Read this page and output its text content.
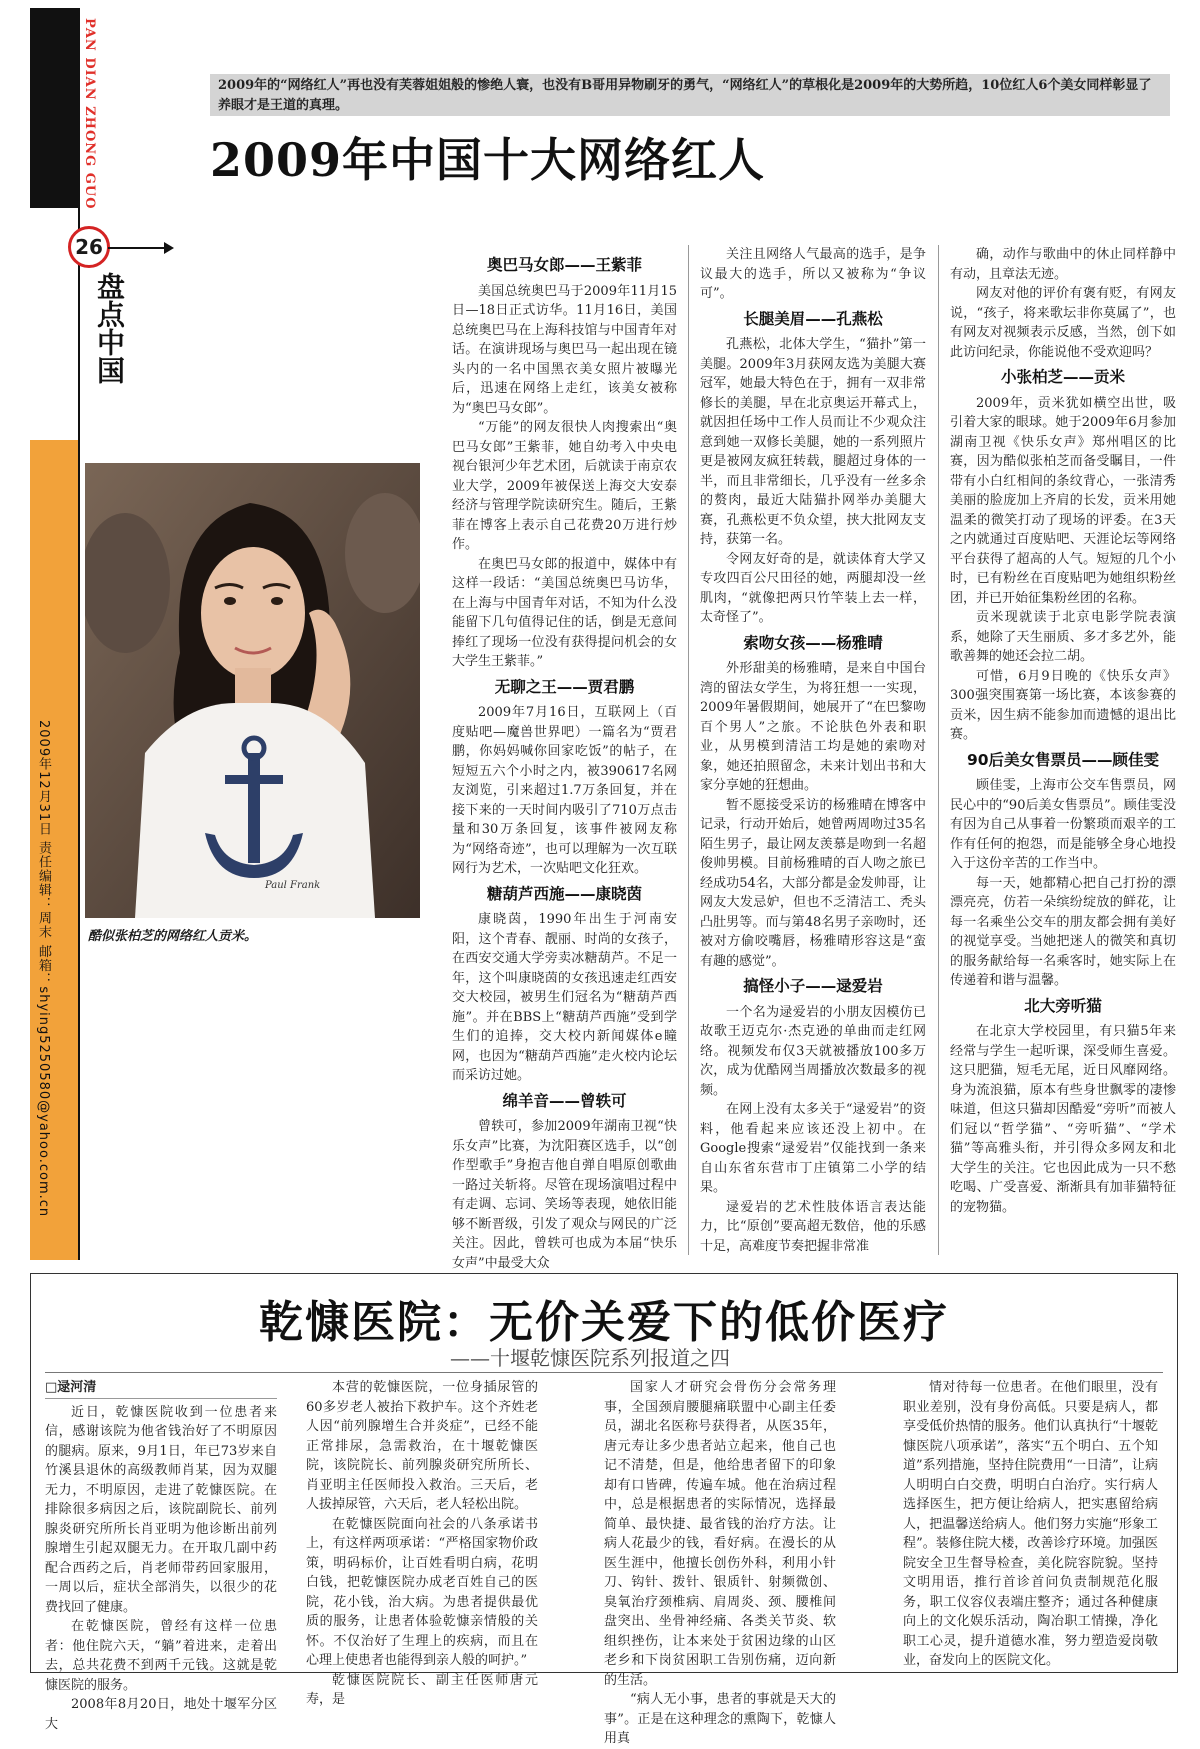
PAN DIAN ZHONG GUO
26
盘点中国
2009年12月31日 责任编辑：周末 邮箱：shying5250580@yahoo.com.cn
2009年的“网络红人”再也没有芙蓉姐姐般的惨绝人寰，也没有B哥用异物刷牙的勇气，“网络红人”的草根化是2009年的大势所趋，10位红人6个美女同样彰显了养眼才是王道的真理。
2009年中国十大网络红人
Paul Frank
酷似张柏芝的网络红人贡米。
奥巴马女郎——王紫菲

美国总统奥巴马于2009年11月15日—18日正式访华。11月16日，美国总统奥巴马在上海科技馆与中国青年对话。在演讲现场与奥巴马一起出现在镜头内的一名中国黑衣美女照片被曝光后，迅速在网络上走红，该美女被称为“奥巴马女郎”。

“万能”的网友很快人肉搜索出“奥巴马女郎”王紫菲，她自幼考入中央电视台银河少年艺术团，后就读于南京农业大学，2009年被保送上海交大安泰经济与管理学院读研究生。随后，王紫菲在博客上表示自己花费20万进行炒作。

在奥巴马女郎的报道中，媒体中有这样一段话：“美国总统奥巴马访华，在上海与中国青年对话，不知为什么没能留下几句值得记住的话，倒是无意间捧红了现场一位没有获得提问机会的女大学生王紫菲。”

无聊之王——贾君鹏

2009年7月16日，互联网上（百度贴吧—魔兽世界吧）一篇名为“贾君鹏，你妈妈喊你回家吃饭”的帖子，在短短五六个小时之内，被390617名网友浏览，引来超过1.7万条回复，并在接下来的一天时间内吸引了710万点击量和30万条回复，该事件被网友称为“网络奇迹”，也可以理解为一次互联网行为艺术，一次贴吧文化狂欢。

糖葫芦西施——康晓茵

康晓茵，1990年出生于河南安阳，这个青春、靓丽、时尚的女孩子，在西安交通大学旁卖冰糖葫芦。不足一年，这个叫康晓茵的女孩迅速走红西安交大校园，被男生们冠名为“糖葫芦西施”。并在BBS上“糖葫芦西施”受到学生们的追捧，交大校内新闻媒体e瞳网，也因为“糖葫芦西施”走火校内论坛而采访过她。

绵羊音——曾轶可

曾轶可，参加2009年湖南卫视“快乐女声”比赛，为沈阳赛区选手，以“创作型歌手”身抱吉他自弹自唱原创歌曲一路过关斩将。尽管在现场演唱过程中有走调、忘词、笑场等表现，她依旧能够不断晋级，引发了观众与网民的广泛关注。因此，曾轶可也成为本届“快乐女声”中最受大众

关注且网络人气最高的选手，是争议最大的选手，所以又被称为“争议可”。

长腿美眉——孔燕松

孔燕松，北体大学生，“猫扑”第一美腿。2009年3月获网友选为美腿大赛冠军，她最大特色在于，拥有一双非常修长的美腿，早在北京奥运开幕式上，就因担任场中工作人员而让不少观众注意到她一双修长美腿，她的一系列照片更是被网友疯狂转载，腿超过身体的一半，而且非常细长，几乎没有一丝多余的赘肉，最近大陆猫扑网举办美腿大赛，孔燕松更不负众望，挟大批网友支持，获第一名。

令网友好奇的是，就读体育大学又专攻四百公尺田径的她，两腿却没一丝肌肉，“就像把两只竹竿装上去一样，太奇怪了”。

索吻女孩——杨雅晴

外形甜美的杨雅晴，是来自中国台湾的留法女学生，为将狂想一一实现，2009年暑假期间，她展开了“在巴黎吻百个男人”之旅。不论肤色外表和职业，从男模到清洁工均是她的索吻对象，她还拍照留念，未来计划出书和大家分享她的狂想曲。

暂不愿接受采访的杨雅晴在博客中记录，行动开始后，她曾两周吻过35名陌生男子，最让网友羡慕是吻到一名超俊帅男模。目前杨雅晴的百人吻之旅已经成功54名，大部分都是金发帅哥，让网友大发忌妒，但也不乏清洁工、秃头凸肚男等。而与第48名男子亲吻时，还被对方偷咬嘴唇，杨雅晴形容这是“蛮有趣的感觉”。

搞怪小子——逯爱岩

一个名为逯爱岩的小朋友因模仿已故歌王迈克尔·杰克逊的单曲而走红网络。视频发布仅3天就被播放100多万次，成为优酷网当周播放次数最多的视频。

在网上没有太多关于“逯爱岩”的资料，他看起来应该还没上初中。在Google搜索“逯爱岩”仅能找到一条来自山东省东营市丁庄镇第二小学的结果。

逯爱岩的艺术性肢体语言表达能力，比“原创”要高超无数倍，他的乐感十足，高难度节奏把握非常准

确，动作与歌曲中的休止同样静中有动，且章法无迹。

网友对他的评价有褒有贬，有网友说，“孩子，将来歌坛非你莫属了”，也有网友对视频表示反感，当然，创下如此访问纪录，你能说他不受欢迎吗？

小张柏芝——贡米

2009年，贡米犹如横空出世，吸引着大家的眼球。她于2009年6月参加湖南卫视《快乐女声》郑州唱区的比赛，因为酷似张柏芝而备受瞩目，一件带有小白红相间的条纹背心，一张清秀美丽的脸庞加上齐肩的长发，贡米用她温柔的微笑打动了现场的评委。在3天之内就通过百度贴吧、天涯论坛等网络平台获得了超高的人气。短短的几个小时，已有粉丝在百度贴吧为她组织粉丝团，并已开始征集粉丝团的名称。

贡米现就读于北京电影学院表演系，她除了天生丽质、多才多艺外，能歌善舞的她还会拉二胡。

可惜，6月9日晚的《快乐女声》300强突围赛第一场比赛，本该参赛的贡米，因生病不能参加而遗憾的退出比赛。

90后美女售票员——顾佳雯

顾佳雯，上海市公交车售票员，网民心中的“90后美女售票员”。顾佳雯没有因为自己从事着一份繁琐而艰辛的工作有任何的抱怨，而是能够全身心地投入于这份辛苦的工作当中。

每一天，她都精心把自己打扮的漂漂亮亮，仿若一朵缤纷绽放的鲜花，让每一名乘坐公交车的朋友都会拥有美好的视觉享受。当她把迷人的微笑和真切的服务献给每一名乘客时，她实际上在传递着和谐与温馨。

北大旁听猫

在北京大学校园里，有只猫5年来经常与学生一起听课，深受师生喜爱。这只肥猫，短毛无尾，近日风靡网络。身为流浪猫，原本有些身世飘零的凄惨味道，但这只猫却因酷爱“旁听”而被人们冠以“哲学猫”、“旁听猫”、“学术猫”等高雅头衔，并引得众多网友和北大学生的关注。它也因此成为一只不愁吃喝、广受喜爱、渐渐具有加菲猫特征的宠物猫。

乾慷医院：无价关爱下的低价医疗
——十堰乾慷医院系列报道之四

□逯河清

近日，乾慷医院收到一位患者来信，感谢该院为他省钱治好了不明原因的腿病。原来，9月1日，年已73岁来自竹溪县退休的高级教师肖某，因为双腿无力，不明原因，走进了乾慷医院。在排除很多病因之后，该院副院长、前列腺炎研究所所长肖亚明为他诊断出前列腺增生引起双腿无力。在开取几副中药配合西药之后，肖老师带药回家服用，一周以后，症状全部消失，以很少的花费找回了健康。

在乾慷医院，曾经有这样一位患者：他住院六天，“躺”着进来，走着出去，总共花费不到两千元钱。这就是乾慷医院的服务。

2008年8月20日，地处十堰军分区大

本营的乾慷医院，一位身插尿管的60多岁老人被抬下救护车。这个齐姓老人因“前列腺增生合并炎症”，已经不能正常排尿，急需救治，在十堰乾慷医院，该院院长、前列腺炎研究所所长、肖亚明主任医师投入救治。三天后，老人拔掉尿管，六天后，老人轻松出院。

在乾慷医院面向社会的八条承诺书上，有这样两项承诺：“严格国家物价政策，明码标价，让百姓看明白病，花明白钱，把乾慷医院办成老百姓自己的医院，花小钱，治大病。为患者提供最优质的服务，让患者体验乾慷亲情般的关怀。不仅治好了生理上的疾病，而且在心理上使患者也能得到亲人般的呵护。”

乾慷医院院长、副主任医师唐元寿，是

国家人才研究会骨伤分会常务理事，全国颈肩腰腿痛联盟中心副主任委员，湖北名医称号获得者，从医35年，唐元寿让多少患者站立起来，他自己也记不清楚，但是，他给患者留下的印象却有口皆碑，传遍车城。他在治病过程中，总是根据患者的实际情况，选择最简单、最快捷、最省钱的治疗方法。让病人花最少的钱，看好病。在漫长的从医生涯中，他擅长创伤外科，利用小针刀、钩针、拨针、银质针、射频微创、臭氧治疗颈椎病、肩周炎、颈、腰椎间盘突出、坐骨神经痛、各类关节炎、软组织挫伤，让本来处于贫困边缘的山区老乡和下岗贫困职工告别伤痛，迈向新的生活。

“病人无小事，患者的事就是天大的事”。正是在这种理念的熏陶下，乾慷人用真

情对待每一位患者。在他们眼里，没有职业差别，没有身份高低。只要是病人，都享受低价热情的服务。他们认真执行“十堰乾慷医院八项承诺”，落实“五个明白、五个知道”系列措施，坚持住院费用“一日清”，让病人明明白白交费，明明白白治疗。实行病人选择医生，把方便让给病人，把实惠留给病人，把温馨送给病人。他们努力实施“形象工程”。装修住院大楼，改善诊疗环境。加强医院安全卫生督导检查，美化院容院貌。坚持文明用语，推行首诊首问负责制规范化服务，职工仪容仪表端庄整齐；通过各种健康向上的文化娱乐活动，陶冶职工情操，净化职工心灵，提升道德水准，努力塑造爱岗敬业，奋发向上的医院文化。
